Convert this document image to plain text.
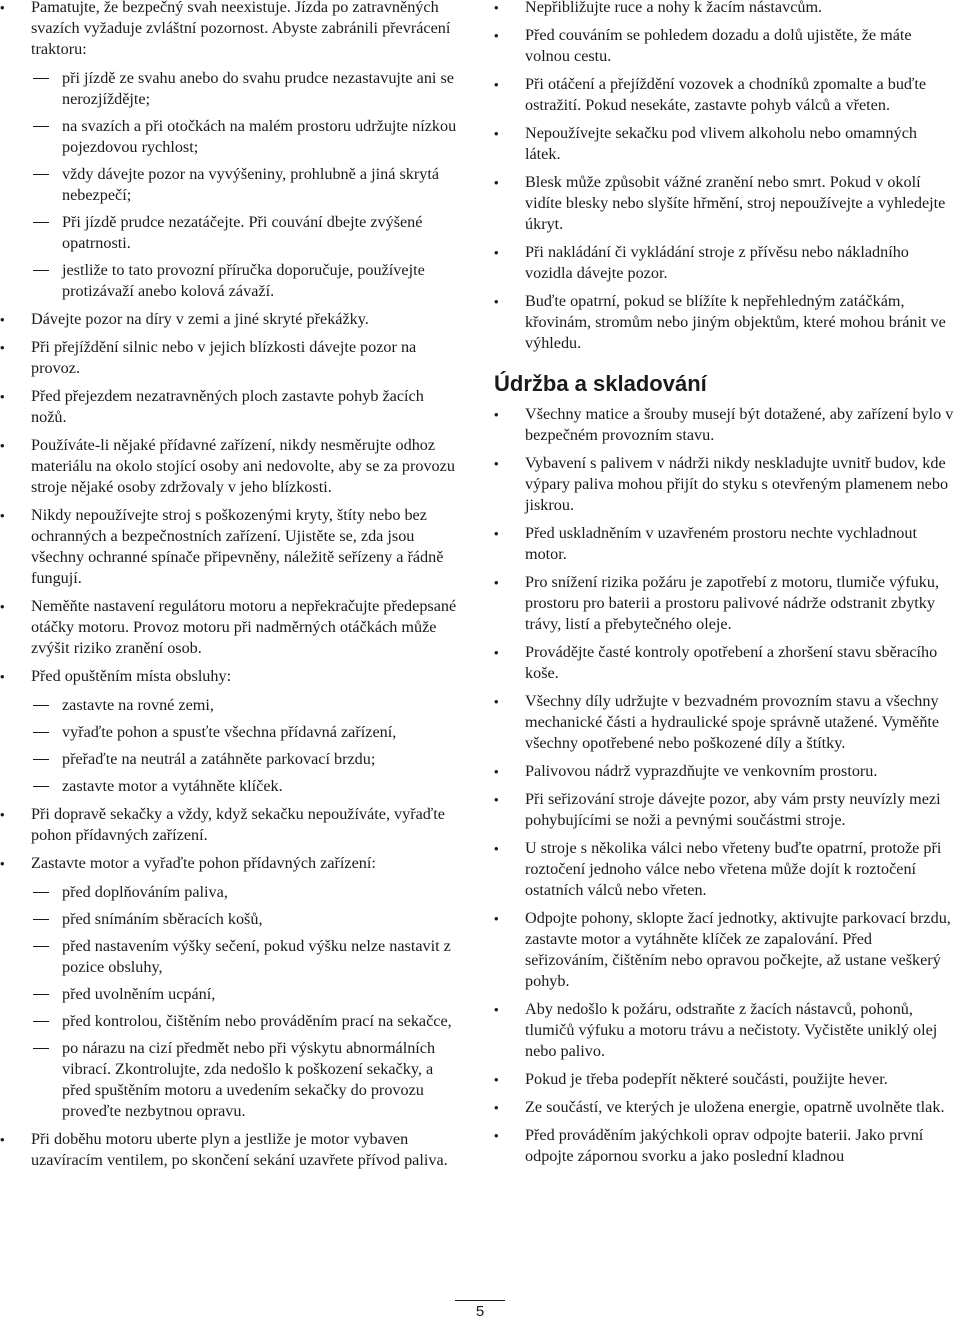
• Pamatujte, že bezpečný svah neexistuje. Jízda po zatravněných svazích vyžaduje zvláštní pozornost. Abyste zabránili převrácení traktoru:
při jízdě ze svahu anebo do svahu prudce nezastavujte ani se nerozjíždějte;
na svazích a při otočkách na malém prostoru udržujte nízkou pojezdovou rychlost;
vždy dávejte pozor na vyvýšeniny, prohlubně a jiná skrytá nebezpečí;
Při jízdě prudce nezatáčejte. Při couvání dbejte zvýšené opatrnosti.
jestliže to tato provozní příručka doporučuje, používejte protizávaží anebo kolová závaží.
• Dávejte pozor na díry v zemi a jiné skryté překážky.
• Při přejíždění silnic nebo v jejich blízkosti dávejte pozor na provoz.
• Před přejezdem nezatravněných ploch zastavte pohyb žacích nožů.
• Používáte-li nějaké přídavné zařízení, nikdy nesměrujte odhoz materiálu na okolo stojící osoby ani nedovolte, aby se za provozu stroje nějaké osoby zdržovaly v jeho blízkosti.
• Nikdy nepoužívejte stroj s poškozenými kryty, štíty nebo bez ochranných a bezpečnostních zařízení. Ujistěte se, zda jsou všechny ochranné spínače připevněny, náležitě seřízeny a řádně fungují.
• Neměňte nastavení regulátoru motoru a nepřekračujte předepsané otáčky motoru. Provoz motoru při nadměrných otáčkách může zvýšit riziko zranění osob.
• Před opuštěním místa obsluhy:
zastavte na rovné zemi,
vyřaďte pohon a spusťte všechna přídavná zařízení,
přeřaďte na neutrál a zatáhněte parkovací brzdu;
zastavte motor a vytáhněte klíček.
• Při dopravě sekačky a vždy, když sekačku nepoužíváte, vyřaďte pohon přídavných zařízení.
• Zastavte motor a vyřaďte pohon přídavných zařízení:
před doplňováním paliva,
před snímáním sběracích košů,
před nastavením výšky sečení, pokud výšku nelze nastavit z pozice obsluhy,
před uvolněním ucpání,
před kontrolou, čištěním nebo prováděním prací na sekačce,
po nárazu na cizí předmět nebo při výskytu abnormálních vibrací. Zkontrolujte, zda nedošlo k poškození sekačky, a před spuštěním motoru a uvedením sekačky do provozu proveďte nezbytnou opravu.
• Při doběhu motoru uberte plyn a jestliže je motor vybaven uzavíracím ventilem, po skončení sekání uzavřete přívod paliva.
• Nepřibližujte ruce a nohy k žacím nástavcům.
• Před couváním se pohledem dozadu a dolů ujistěte, že máte volnou cestu.
• Při otáčení a přejíždění vozovek a chodníků zpomalte a buďte ostražití. Pokud nesekáte, zastavte pohyb válců a vřeten.
• Nepoužívejte sekačku pod vlivem alkoholu nebo omamných látek.
• Blesk může způsobit vážné zranění nebo smrt. Pokud v okolí vidíte blesky nebo slyšíte hřmění, stroj nepoužívejte a vyhledejte úkryt.
• Při nakládání či vykládání stroje z přívěsu nebo nákladního vozidla dávejte pozor.
• Buďte opatrní, pokud se blížíte k nepřehledným zatáčkám, křovinám, stromům nebo jiným objektům, které mohou bránit ve výhledu.
Údržba a skladování
• Všechny matice a šrouby musejí být dotažené, aby zařízení bylo v bezpečném provozním stavu.
• Vybavení s palivem v nádrži nikdy neskladujte uvnitř budov, kde výpary paliva mohou přijít do styku s otevřeným plamenem nebo jiskrou.
• Před uskladněním v uzavřeném prostoru nechte vychladnout motor.
• Pro snížení rizika požáru je zapotřebí z motoru, tlumiče výfuku, prostoru pro baterii a prostoru palivové nádrže odstranit zbytky trávy, listí a přebytečného oleje.
• Provádějte časté kontroly opotřebení a zhoršení stavu sběracího koše.
• Všechny díly udržujte v bezvadném provozním stavu a všechny mechanické části a hydraulické spoje správně utažené. Vyměňte všechny opotřebené nebo poškozené díly a štítky.
• Palivovou nádrž vyprazdňujte ve venkovním prostoru.
• Při seřizování stroje dávejte pozor, aby vám prsty neuvízly mezi pohybujícími se noži a pevnými součástmi stroje.
• U stroje s několika válci nebo vřeteny buďte opatrní, protože při roztočení jednoho válce nebo vřetena může dojít k roztočení ostatních válců nebo vřeten.
• Odpojte pohony, sklopte žací jednotky, aktivujte parkovací brzdu, zastavte motor a vytáhněte klíček ze zapalování. Před seřizováním, čištěním nebo opravou počkejte, až ustane veškerý pohyb.
• Aby nedošlo k požáru, odstraňte z žacích nástavců, pohonů, tlumičů výfuku a motoru trávu a nečistoty. Vyčistěte uniklý olej nebo palivo.
• Pokud je třeba podepřít některé součásti, použijte hever.
• Ze součástí, ve kterých je uložena energie, opatrně uvolněte tlak.
• Před prováděním jakýchkoli oprav odpojte baterii. Jako první odpojte zápornou svorku a jako poslední kladnou
5
